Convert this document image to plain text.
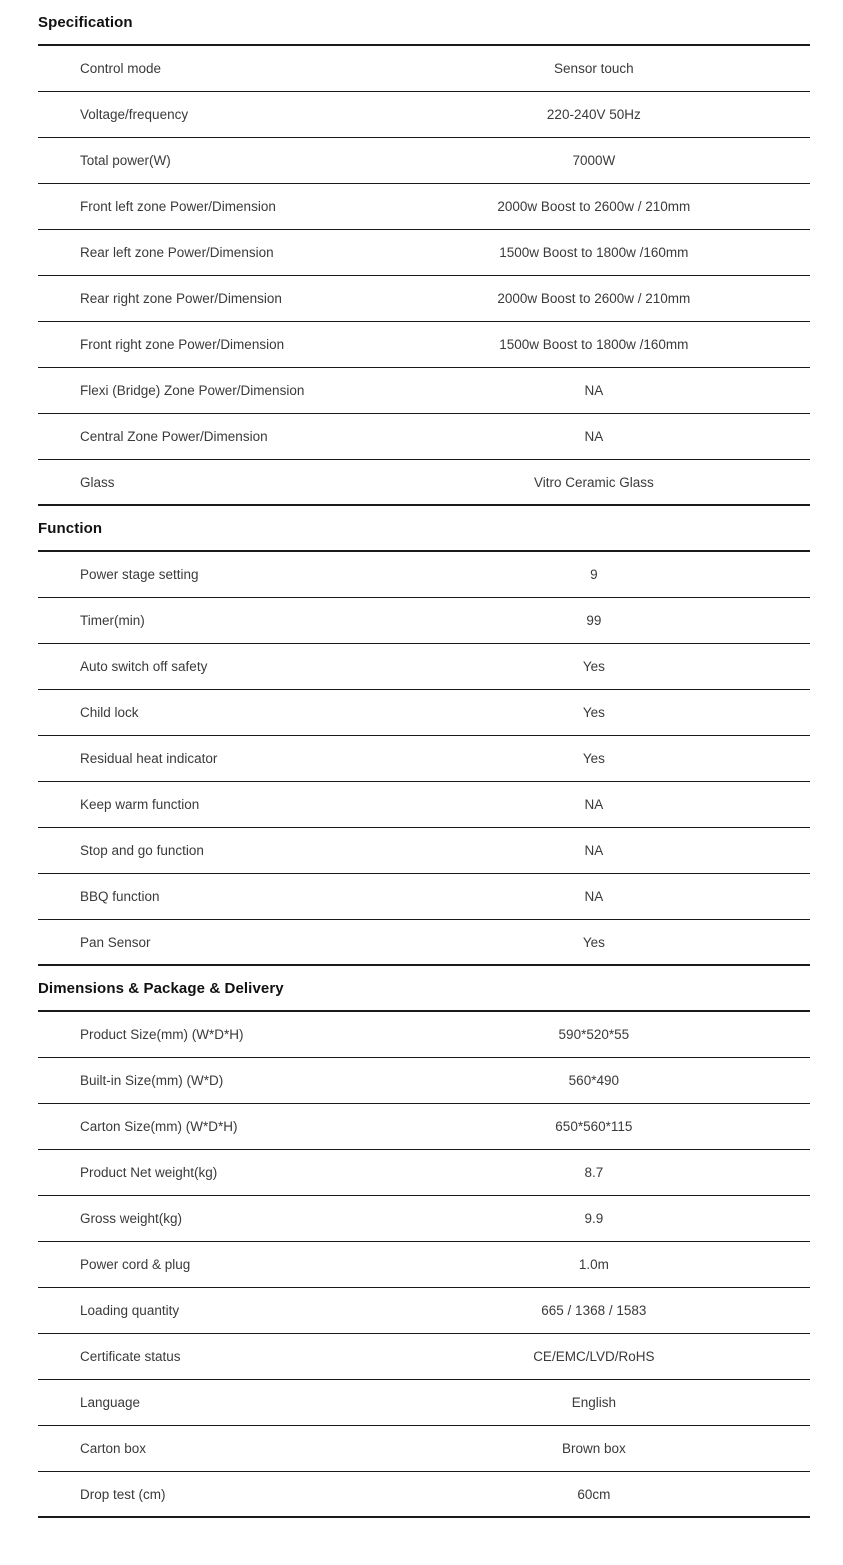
Specification
Control mode	Sensor touch
Voltage/frequency	220-240V 50Hz
Total power(W)	7000W
Front left zone Power/Dimension	2000w Boost to 2600w / 210mm
Rear left zone Power/Dimension	1500w Boost to 1800w /160mm
Rear right zone Power/Dimension	2000w Boost to 2600w / 210mm
Front right zone Power/Dimension	1500w Boost to 1800w /160mm
Flexi (Bridge) Zone Power/Dimension	NA
Central Zone Power/Dimension	NA
Glass	Vitro Ceramic Glass
Function
Power stage setting	9
Timer(min)	99
Auto switch off safety	Yes
Child lock	Yes
Residual heat indicator	Yes
Keep warm function	NA
Stop and go function	NA
BBQ function	NA
Pan Sensor	Yes
Dimensions & Package & Delivery
Product Size(mm) (W*D*H)	590*520*55
Built-in Size(mm) (W*D)	560*490
Carton Size(mm) (W*D*H)	650*560*115
Product Net weight(kg)	8.7
Gross weight(kg)	9.9
Power cord & plug	1.0m
Loading quantity	665 / 1368 / 1583
Certificate status	CE/EMC/LVD/RoHS
Language	English
Carton box	Brown box
Drop test (cm)	60cm
